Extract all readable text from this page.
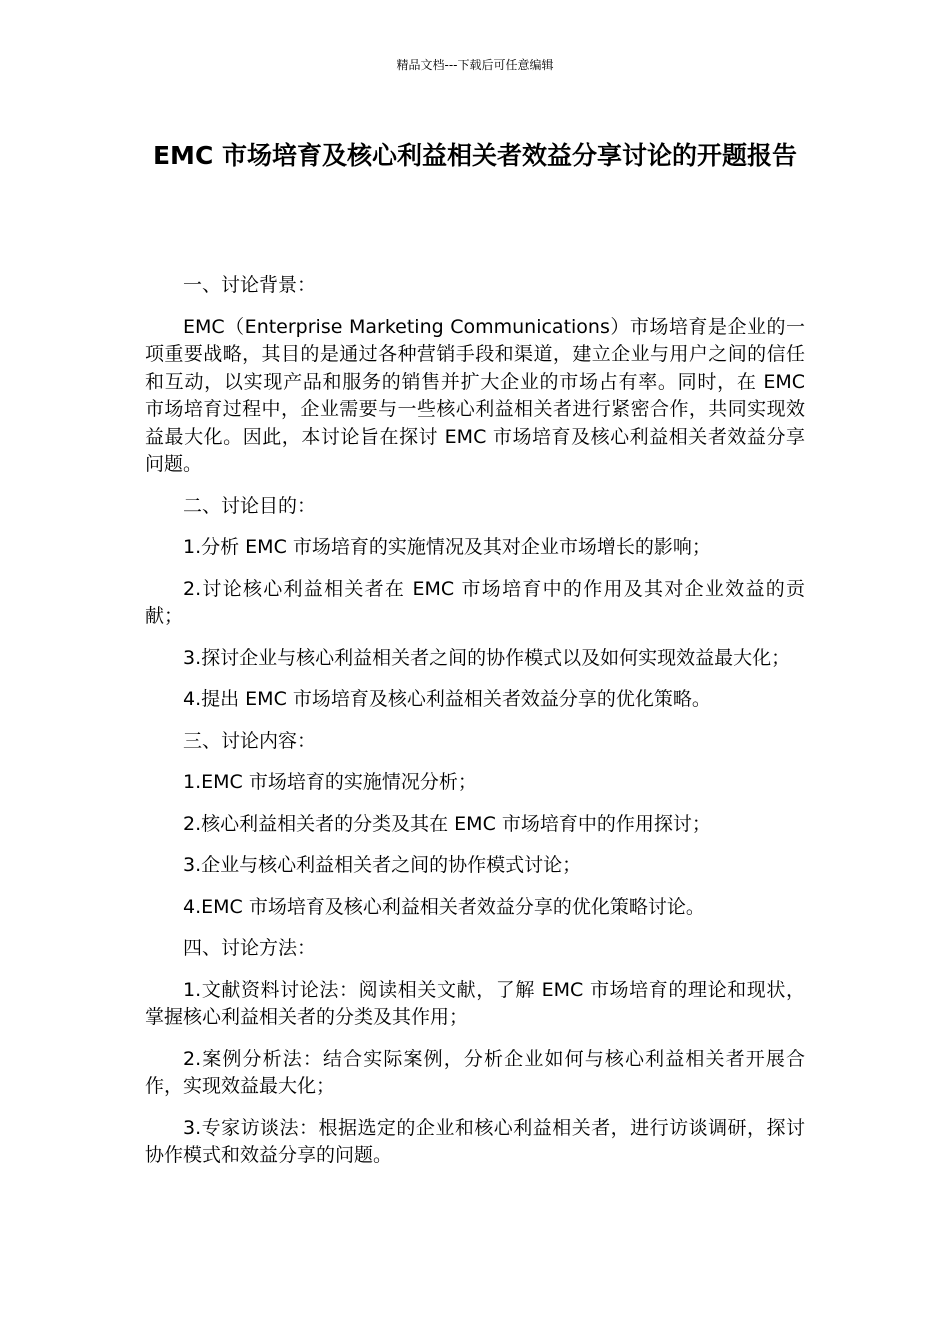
精品文档---下载后可任意编辑
EMC 市场培育及核心利益相关者效益分享讨论的开题报告

一、讨论背景：

EMC（Enterprise Marketing Communications）市场培育是企业的一项重要战略，其目的是通过各种营销手段和渠道，建立企业与用户之间的信任和互动，以实现产品和服务的销售并扩大企业的市场占有率。同时，在 EMC 市场培育过程中，企业需要与一些核心利益相关者进行紧密合作，共同实现效益最大化。因此，本讨论旨在探讨 EMC 市场培育及核心利益相关者效益分享问题。

二、讨论目的：

1.分析 EMC 市场培育的实施情况及其对企业市场增长的影响；

2.讨论核心利益相关者在 EMC 市场培育中的作用及其对企业效益的贡献；

3.探讨企业与核心利益相关者之间的协作模式以及如何实现效益最大化；

4.提出 EMC 市场培育及核心利益相关者效益分享的优化策略。

三、讨论内容：

1.EMC 市场培育的实施情况分析；

2.核心利益相关者的分类及其在 EMC 市场培育中的作用探讨；

3.企业与核心利益相关者之间的协作模式讨论；

4.EMC 市场培育及核心利益相关者效益分享的优化策略讨论。

四、讨论方法：

1.文献资料讨论法：阅读相关文献，了解 EMC 市场培育的理论和现状，掌握核心利益相关者的分类及其作用；

2.案例分析法：结合实际案例，分析企业如何与核心利益相关者开展合作，实现效益最大化；

3.专家访谈法：根据选定的企业和核心利益相关者，进行访谈调研，探讨协作模式和效益分享的问题。
